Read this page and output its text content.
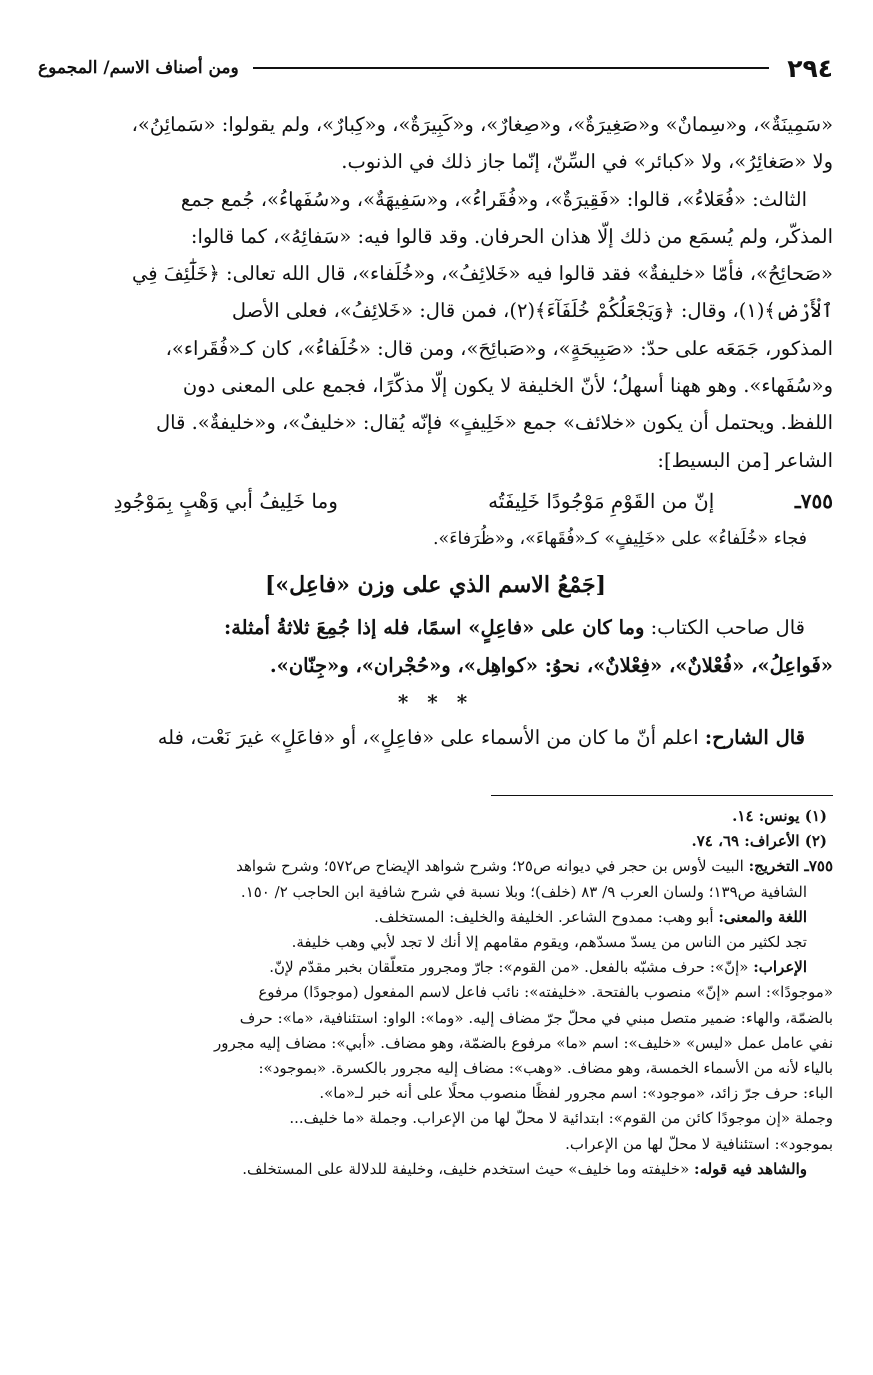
٢٩٤
ومن أصناف الاسم/ المجموع

«سَمِينَةٌ»، و«سِمانٌ» و«صَغِيرَةٌ»، و«صِغارٌ»، و«كَبِيرَةٌ»، و«كِبارٌ»، ولم يقولوا: «سَمائِنُ»،

ولا «صَغائِرُ»، ولا «كبائر» في السِّنّ، إنّما جاز ذلك في الذنوب.

الثالث: «فُعَلاءُ»، قالوا: «فَقِيرَةٌ»، و«فُقَراءُ»، و«سَفِيهَةٌ»، و«سُفَهاءُ»، جُمع جمع

المذكّر، ولم يُسمَع من ذلك إلّا هذان الحرفان. وقد قالوا فيه: «سَفائِهُ»، كما قالوا:

«صَحائِحُ»، فأمّا «خليفةٌ» فقد قالوا فيه «خَلائِفُ»، و«خُلَفاء»، قال الله تعالى: ﴿خَلَٰٓئِفَ فِي

ٱلْأَرْضِ﴾(١)، وقال: ﴿وَيَجْعَلُكُمْ خُلَفَآءَ﴾(٢)، فمن قال: «خَلائِفُ»، فعلى الأصل

المذكور، جَمَعَه على حدّ: «صَبِيحَةٍ»، و«صَبائِحَ»، ومن قال: «خُلَفاءُ»، كان كـ«فُقَراء»،

و«سُفَهاء». وهو ههنا أسهلُ؛ لأنّ الخليفة لا يكون إلّا مذكّرًا، فجمع على المعنى دون

اللفظ. ويحتمل أن يكون «خلائف» جمع «خَلِيفٍ» فإنّه يُقال: «خليفٌ»، و«خليفةٌ». قال

الشاعر [من البسيط]:

٧٥٥ـ
إنّ من القَوْمِ مَوْجُودًا خَلِيفَتُه
وما خَلِيفُ أبي وَهْبٍ بِمَوْجُودِ

فجاء «خُلَفاءُ» على «خَلِيفٍ» كـ«فُقَهاءَ»، و«ظُرَفاءَ».

[جَمْعُ الاسم الذي على وزن «فاعِل»]

قال صاحب الكتاب: وما كان على «فاعِلٍ» اسمًا، فله إذا جُمِعَ ثلاثةُ أمثلة:

«فَواعِلُ»، «فُعْلانٌ»، «فِعْلانٌ»، نحوُ: «كواهِل»، و«حُجْران»، و«جِنّان».

* * *

قال الشارح: اعلم أنّ ما كان من الأسماء على «فاعِلٍ»، أو «فاعَلٍ» غيرَ نَعْت، فله

(١) يونس: ١٤.

(٢) الأعراف: ٦٩، ٧٤.

٧٥٥ـ التخريج: البيت لأوس بن حجر في ديوانه ص٢٥؛ وشرح شواهد الإيضاح ص٥٧٢؛ وشرح شواهد

الشافية ص١٣٩؛ ولسان العرب ٩/ ٨٣ (خلف)؛ وبلا نسبة في شرح شافية ابن الحاجب ٢/ ١٥٠.

اللغة والمعنى: أبو وهب: ممدوح الشاعر. الخليفة والخليف: المستخلف.

تجد لكثير من الناس من يسدّ مسدّهم، ويقوم مقامهم إلا أنك لا تجد لأبي وهب خليفة.

الإعراب: «إنّ»: حرف مشبّه بالفعل. «من القوم»: جارّ ومجرور متعلّقان بخبر مقدّم لإنّ.

«موجودًا»: اسم «إنّ» منصوب بالفتحة. «خليفته»: نائب فاعل لاسم المفعول (موجودًا) مرفوع

بالضمّة، والهاء: ضمير متصل مبني في محلّ جرّ مضاف إليه. «وما»: الواو: استئنافية، «ما»: حرف

نفي عامل عمل «ليس» «خليف»: اسم «ما» مرفوع بالضمّة، وهو مضاف. «أبي»: مضاف إليه مجرور

بالياء لأنه من الأسماء الخمسة، وهو مضاف. «وهب»: مضاف إليه مجرور بالكسرة. «بموجود»:

الباء: حرف جرّ زائد، «موجود»: اسم مجرور لفظًا منصوب محلًا على أنه خبر لـ«ما».

وجملة «إن موجودًا كائن من القوم»: ابتدائية لا محلّ لها من الإعراب. وجملة «ما خليف...

بموجود»: استئنافية لا محلّ لها من الإعراب.

والشاهد فيه قوله: «خليفته وما خليف» حيث استخدم خليف، وخليفة للدلالة على المستخلف.
